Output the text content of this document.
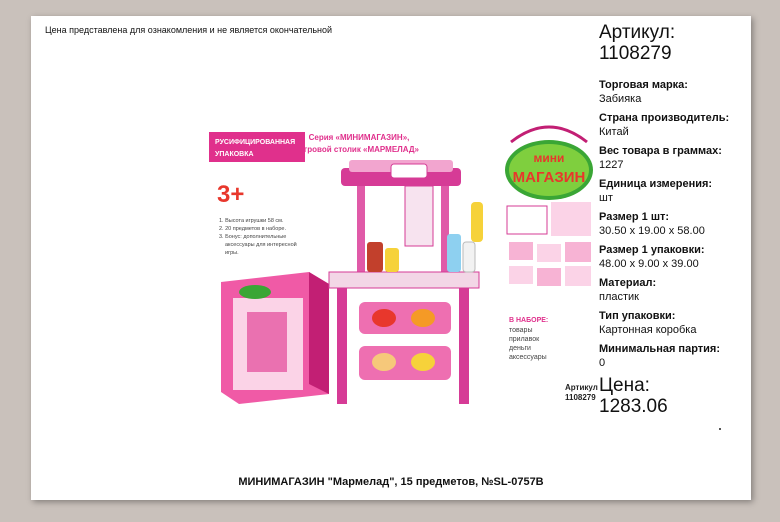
Цена представлена для ознакомления и не является окончательной
РУСИФИЦИРОВАННАЯ
УПАКОВКА
Серия «МИНИМАГАЗИН»,
игровой столик «МАРМЕЛАД»
3+
1. Высота игрушки 58 см.
2. 20 предметов в наборе.
3. Бонус: дополнительные
аксессуары для интересной
игры.
мини
МАГАЗИН
В НАБОРЕ:
товары
прилавок
деньги
аксессуары
Артикул
1108279
Артикул:
1108279
Торговая марка:
Забияка
Страна производитель:
Китай
Вес товара в граммах:
1227
Единица измерения:
шт
Размер 1 шт:
30.50 x 19.00 x 58.00
Размер 1 упаковки:
48.00 x 9.00 x 39.00
Материал:
пластик
Тип упаковки:
Картонная коробка
Минимальная партия:
0
Цена:
1283.06
МИНИМАГАЗИН "Мармелад", 15 предметов, №SL-0757B
